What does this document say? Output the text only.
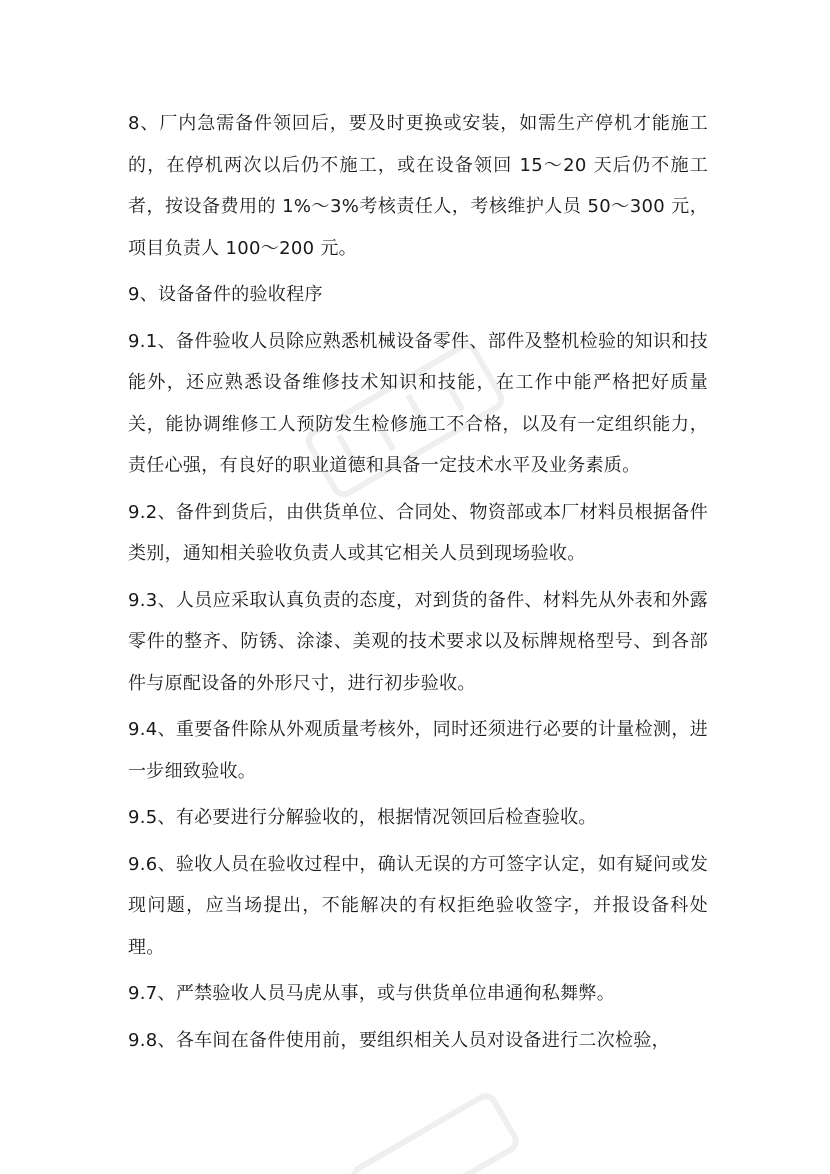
8、厂内急需备件领回后，要及时更换或安装，如需生产停机才能施工的，在停机两次以后仍不施工，或在设备领回 15～20 天后仍不施工者，按设备费用的 1%～3%考核责任人，考核维护人员 50～300 元，项目负责人 100～200 元。

9、设备备件的验收程序

9.1、备件验收人员除应熟悉机械设备零件、部件及整机检验的知识和技能外，还应熟悉设备维修技术知识和技能，在工作中能严格把好质量关，能协调维修工人预防发生检修施工不合格，以及有一定组织能力，责任心强，有良好的职业道德和具备一定技术水平及业务素质。

9.2、备件到货后，由供货单位、合同处、物资部或本厂材料员根据备件类别，通知相关验收负责人或其它相关人员到现场验收。

9.3、人员应采取认真负责的态度，对到货的备件、材料先从外表和外露零件的整齐、防锈、涂漆、美观的技术要求以及标牌规格型号、到各部件与原配设备的外形尺寸，进行初步验收。

9.4、重要备件除从外观质量考核外，同时还须进行必要的计量检测，进一步细致验收。

9.5、有必要进行分解验收的，根据情况领回后检查验收。

9.6、验收人员在验收过程中，确认无误的方可签字认定，如有疑问或发现问题，应当场提出，不能解决的有权拒绝验收签字，并报设备科处理。

9.7、严禁验收人员马虎从事，或与供货单位串通徇私舞弊。

9.8、各车间在备件使用前，要组织相关人员对设备进行二次检验，
